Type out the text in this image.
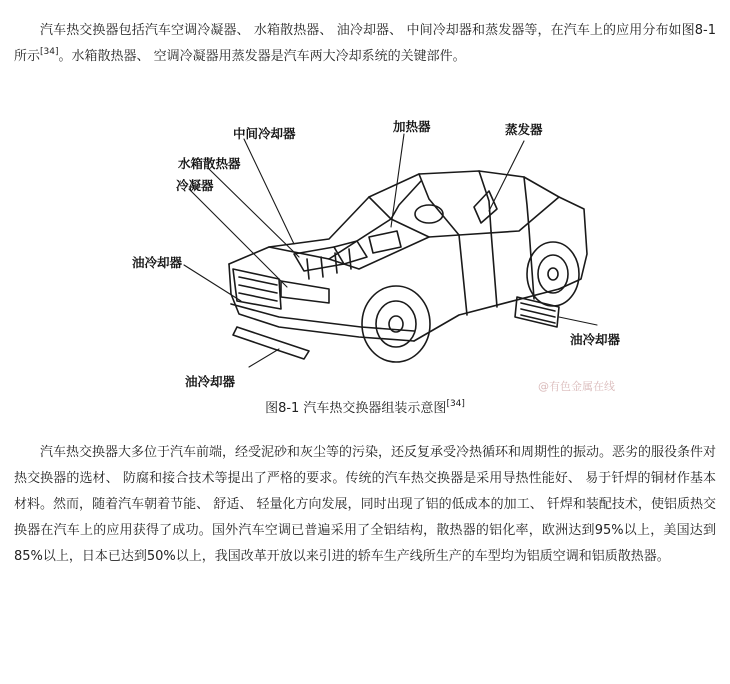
汽车热交换器包括汽车空调冷凝器、 水箱散热器、 油冷却器、 中间冷却器和蒸发器等，在汽车上的应用分布如图8-1所示[34]。水箱散热器、 空调冷凝器用蒸发器是汽车两大冷却系统的关键部件。

中间冷却器	加热器	蒸发器
水箱散热器
冷凝器
油冷却器
油冷却器
油冷却器	@有色金属在线

图8-1 汽车热交换器组装示意图[34]

汽车热交换器大多位于汽车前端，经受泥砂和灰尘等的污染，还反复承受冷热循环和周期性的振动。恶劣的服役条件对热交换器的选材、 防腐和接合技术等提出了严格的要求。传统的汽车热交换器是采用导热性能好、 易于钎焊的铜材作基本材料。然而，随着汽车朝着节能、 舒适、 轻量化方向发展，同时出现了铝的低成本的加工、 钎焊和装配技术，使铝质热交换器在汽车上的应用获得了成功。国外汽车空调已普遍采用了全铝结构，散热器的铝化率，欧洲达到95%以上，美国达到85%以上，日本已达到50%以上，我国改革开放以来引进的轿车生产线所生产的车型均为铝质空调和铝质散热器。
